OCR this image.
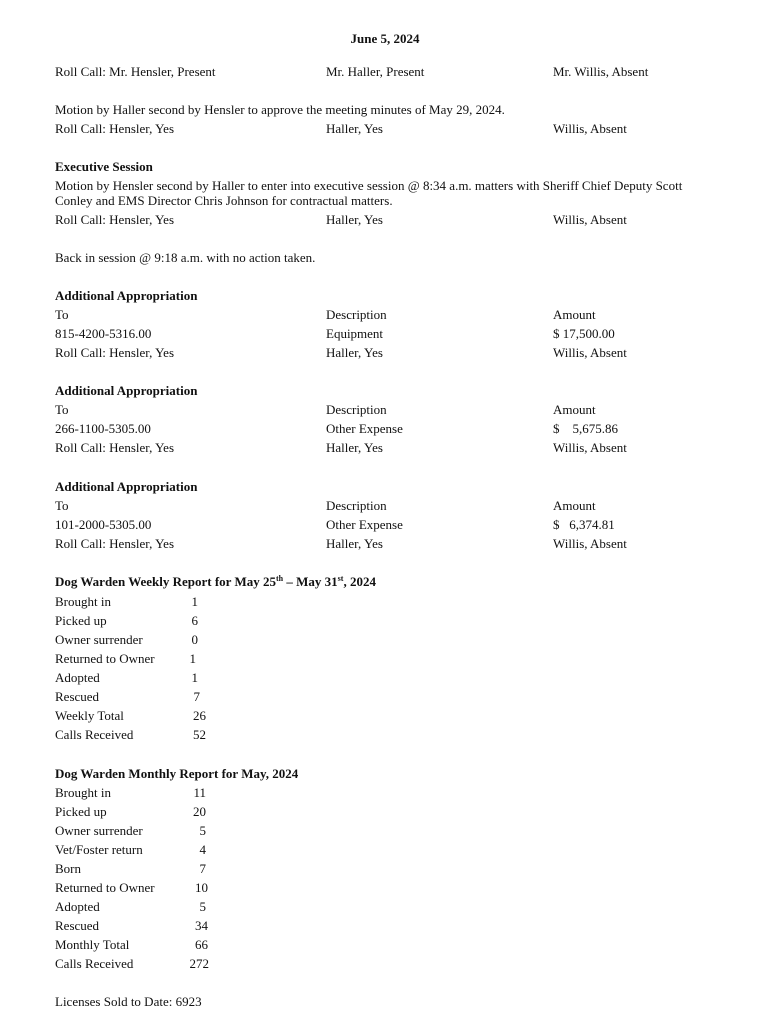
June 5, 2024
Roll Call: Mr. Hensler, Present	Mr. Haller, Present	Mr. Willis, Absent
Motion by Haller second by Hensler to approve the meeting minutes of May 29, 2024.
Roll Call: Hensler, Yes	Haller, Yes	Willis, Absent
Executive Session
Motion by Hensler second by Haller to enter into executive session @ 8:34 a.m. matters with Sheriff Chief Deputy Scott Conley and EMS Director Chris Johnson for contractual matters.
Roll Call: Hensler, Yes	Haller, Yes	Willis, Absent
Back in session @ 9:18 a.m. with no action taken.
Additional Appropriation
To	Description	Amount
815-4200-5316.00	Equipment	$ 17,500.00
Roll Call: Hensler, Yes	Haller, Yes	Willis, Absent
Additional Appropriation
To	Description	Amount
266-1100-5305.00	Other Expense	$    5,675.86
Roll Call: Hensler, Yes	Haller, Yes	Willis, Absent
Additional Appropriation
To	Description	Amount
101-2000-5305.00	Other Expense	$   6,374.81
Roll Call: Hensler, Yes	Haller, Yes	Willis, Absent
Dog Warden Weekly Report for May 25th – May 31st, 2024
Brought in	1
Picked up	6
Owner surrender	0
Returned to Owner	1
Adopted	1
Rescued	7
Weekly Total	26
Calls Received	52
Dog Warden Monthly Report for May, 2024
Brought in	11
Picked up	20
Owner surrender	5
Vet/Foster return	4
Born	7
Returned to Owner	10
Adopted	5
Rescued	34
Monthly Total	66
Calls Received	272
Licenses Sold to Date: 6923
